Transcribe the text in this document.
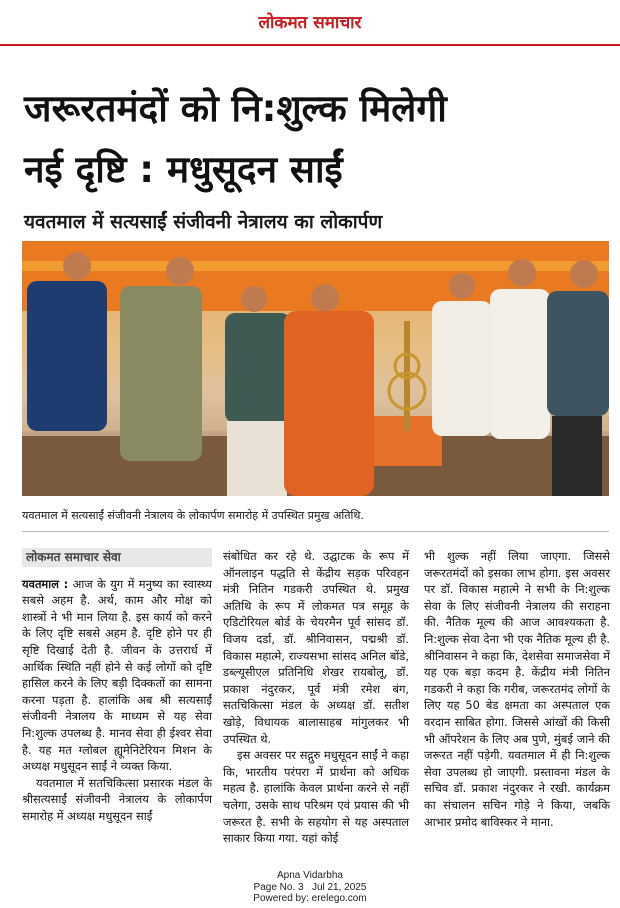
लोकमत समाचार
जरूरतमंदों को नि:शुल्क मिलेगी
नई दृष्टि : मधुसूदन साईं
यवतमाल में सत्यसाईं संजीवनी नेत्रालय का लोकार्पण
यवतमाल में सत्यसाईं संजीवनी नेत्रालय के लोकार्पण समारोह में उपस्थित प्रमुख अतिथि.
लोकमत समाचार सेवा

यवतमाल : आज के युग में मनुष्य का स्वास्थ्य सबसे अहम है. अर्थ, काम और मोक्ष को शास्त्रों ने भी मान लिया है. इस कार्य को करने के लिए दृष्टि सबसे अहम है. दृष्टि होने पर ही सृष्टि दिखाई देती है. जीवन के उत्तरार्ध में आर्थिक स्थिति नहीं होने से कई लोगों को दृष्टि हासिल करने के लिए बड़ी दिक्कतों का सामना करना पड़ता है. हालांकि अब श्री सत्यसाईं संजीवनी नेत्रालय के माध्यम से यह सेवा नि:शुल्क उपलब्ध है. मानव सेवा ही ईश्वर सेवा है. यह मत ग्लोबल ह्यूमेनिटेरियन मिशन के अध्यक्ष मधुसूदन साईं ने व्यक्त किया.

यवतमाल में सतचिकित्सा प्रसारक मंडल के श्रीसत्यसाईं संजीवनी नेत्रालय के लोकार्पण समारोह में अध्यक्ष मधुसूदन साईं

संबोधित कर रहे थे. उद्घाटक के रूप में ऑनलाइन पद्धति से केंद्रीय सड़क परिवहन मंत्री नितिन गडकरी उपस्थित थे. प्रमुख अतिथि के रूप में लोकमत पत्र समूह के एडिटोरियल बोर्ड के चेयरमैन पूर्व सांसद डॉ. विजय दर्डा, डॉ. श्रीनिवासन, पद्मश्री डॉ. विकास महात्मे, राज्यसभा सांसद अनिल बोंडे, डब्ल्यूसीएल प्रतिनिधि शेखर रायबोलू, डॉ. प्रकाश नंदुरकर, पूर्व मंत्री रमेश बंग, सतचिकित्सा मंडल के अध्यक्ष डॉ. सतीश खोड़े, विधायक बालासाहब मांगुलकर भी उपस्थित थे.

इस अवसर पर सद्गुरु मधुसूदन साईं ने कहा कि, भारतीय परंपरा में प्रार्थना को अधिक महत्व है. हालांकि केवल प्रार्थना करने से नहीं चलेगा, उसके साथ परिश्रम एवं प्रयास की भी जरूरत है. सभी के सहयोग से यह अस्पताल साकार किया गया. यहां कोई

भी शुल्क नहीं लिया जाएगा. जिससे जरूरतमंदों को इसका लाभ होगा. इस अवसर पर डॉ. विकास महात्मे ने सभी के नि:शुल्क सेवा के लिए संजीवनी नेत्रालय की सराहना की. नैतिक मूल्य की आज आवश्यकता है. नि:शुल्क सेवा देना भी एक नैतिक मूल्य ही है. श्रीनिवासन ने कहा कि, देशसेवा समाजसेवा में यह एक बड़ा कदम है. केंद्रीय मंत्री नितिन गडकरी ने कहा कि गरीब, जरूरतमंद लोगों के लिए यह 50 बेड क्षमता का अस्पताल एक वरदान साबित होगा. जिससे आंखों की किसी भी ऑपरेशन के लिए अब पुणे, मुंबई जाने की जरूरत नहीं पड़ेगी. यवतमाल में ही नि:शुल्क सेवा उपलब्ध हो जाएगी. प्रस्तावना मंडल के सचिव डॉ. प्रकाश नंदुरकर ने रखी. कार्यक्रम का संचालन सचिन गोड़े ने किया, जबकि आभार प्रमोद बाविस्कर ने माना.

Apna Vidarbha
Page No. 3 Jul 21, 2025
Powered by: erelego.com
